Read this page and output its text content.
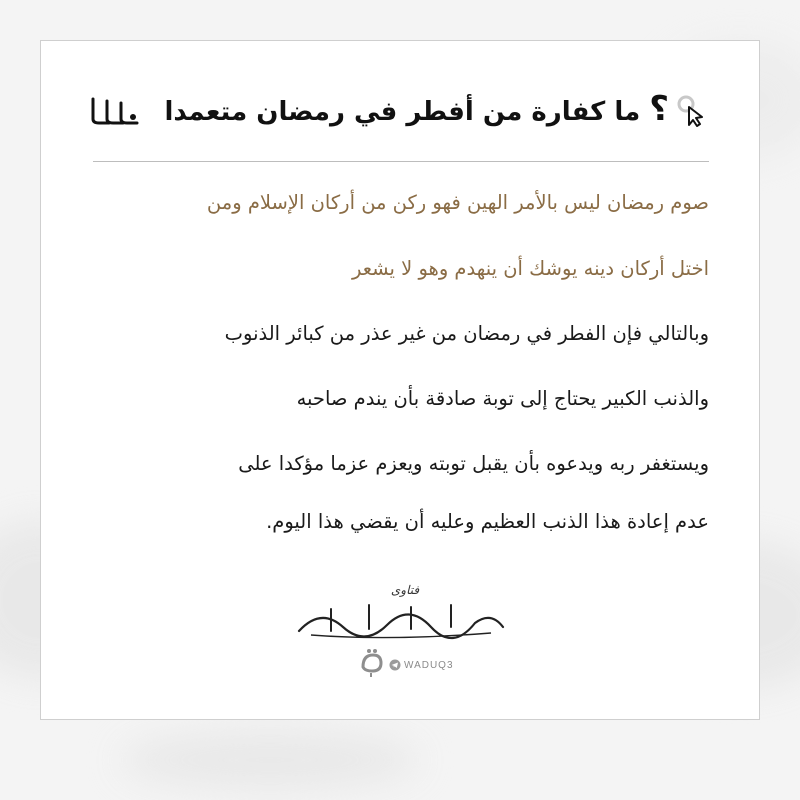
؟ ما كفارة من أفطر في رمضان متعمدا
صوم رمضان ليس بالأمر الهين فهو ركن من أركان الإسلام ومن
اختل أركان دينه يوشك أن ينهدم وهو لا يشعر
وبالتالي فإن الفطر في رمضان من غير عذر من كبائر الذنوب
والذنب الكبير يحتاج إلى توبة صادقة بأن يندم صاحبه
ويستغفر ربه ويدعوه بأن يقبل توبته ويعزم عزما مؤكدا على
عدم إعادة هذا الذنب العظيم وعليه أن يقضي هذا اليوم.
فتاوى
WADUQ3
